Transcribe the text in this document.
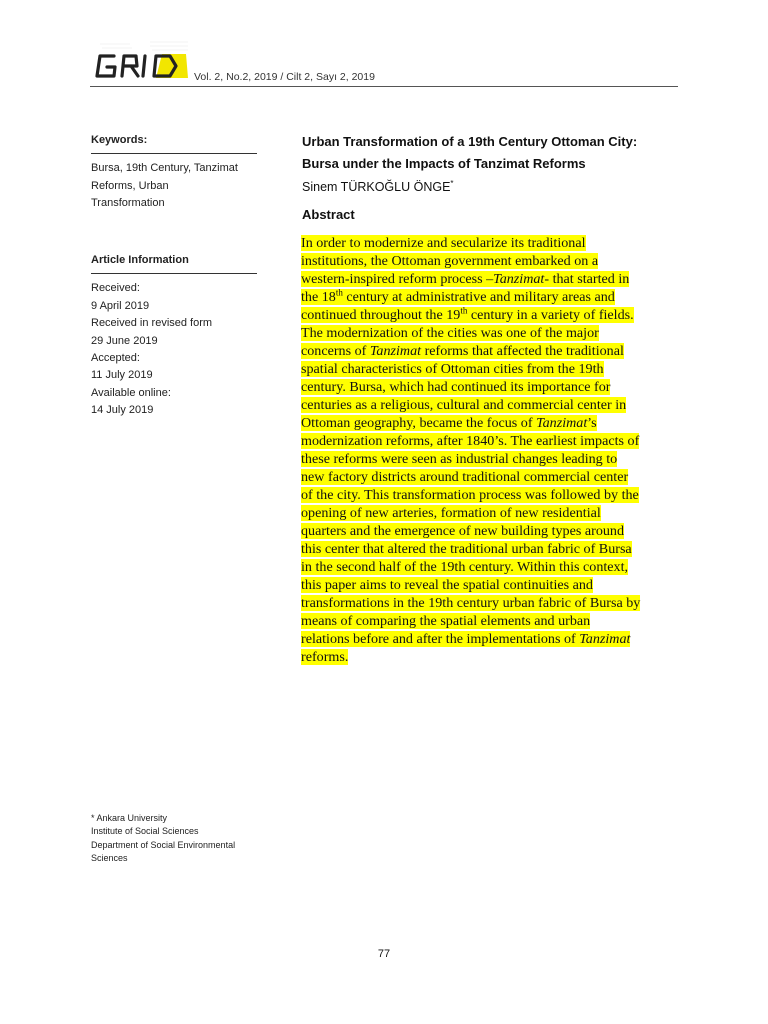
Vol. 2, No.2, 2019 / Cilt 2, Sayı 2, 2019
Keywords:
Bursa, 19th Century, Tanzimat
Reforms, Urban
Transformation
Article Information
Received:
9 April 2019
Received in revised form
29 June 2019
Accepted:
11 July 2019
Available online:
14 July 2019
* Ankara University
Institute of Social Sciences
Department of Social Environmental
Sciences
Urban Transformation of a 19th Century Ottoman City:
Bursa under the Impacts of Tanzimat Reforms
Sinem TÜRKOĞLU ÖNGE*
Abstract
In order to modernize and secularize its traditional
institutions, the Ottoman government embarked on a
western-inspired reform process –Tanzimat- that started in
the 18th century at administrative and military areas and
continued throughout the 19th century in a variety of fields.
The modernization of the cities was one of the major
concerns of Tanzimat reforms that affected the traditional
spatial characteristics of Ottoman cities from the 19th
century. Bursa, which had continued its importance for
centuries as a religious, cultural and commercial center in
Ottoman geography, became the focus of Tanzimat’s
modernization reforms, after 1840’s. The earliest impacts of
these reforms were seen as industrial changes leading to
new factory districts around traditional commercial center
of the city. This transformation process was followed by the
opening of new arteries, formation of new residential
quarters and the emergence of new building types around
this center that altered the traditional urban fabric of Bursa
in the second half of the 19th century. Within this context,
this paper aims to reveal the spatial continuities and
transformations in the 19th century urban fabric of Bursa by
means of comparing the spatial elements and urban
relations before and after the implementations of Tanzimat
reforms.
77
